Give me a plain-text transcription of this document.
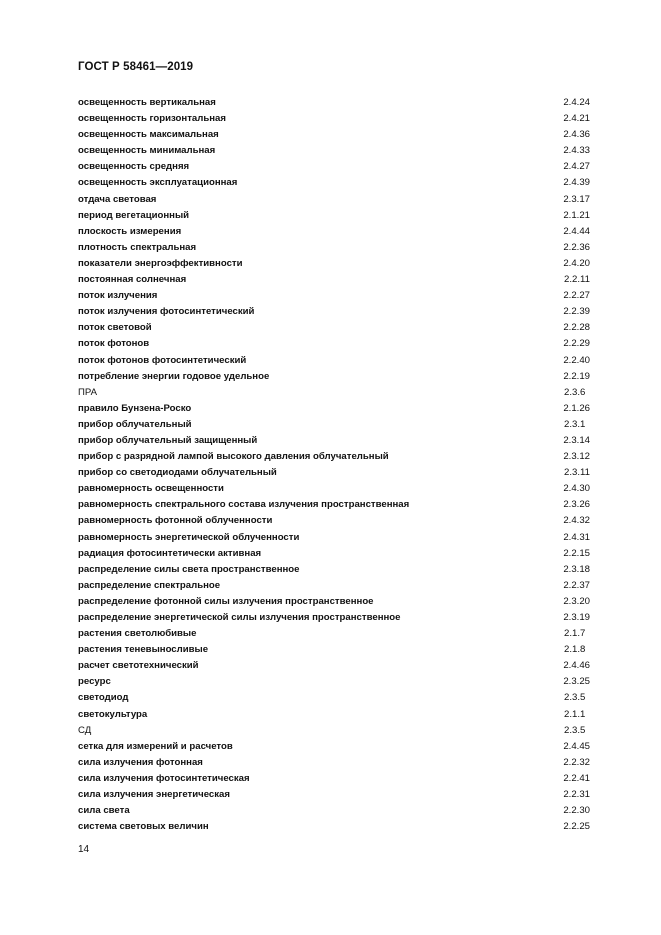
ГОСТ Р 58461—2019
освещенность вертикальная	2.4.24
освещенность горизонтальная	2.4.21
освещенность максимальная	2.4.36
освещенность минимальная	2.4.33
освещенность средняя	2.4.27
освещенность эксплуатационная	2.4.39
отдача световая	2.3.17
период вегетационный	2.1.21
плоскость измерения	2.4.44
плотность спектральная	2.2.36
показатели энергоэффективности	2.4.20
постоянная солнечная	2.2.11
поток излучения	2.2.27
поток излучения фотосинтетический	2.2.39
поток световой	2.2.28
поток фотонов	2.2.29
поток фотонов фотосинтетический	2.2.40
потребление энергии годовое удельное	2.2.19
ПРА	2.3.6
правило Бунзена-Роско	2.1.26
прибор облучательный	2.3.1
прибор облучательный защищенный	2.3.14
прибор с разрядной лампой высокого давления облучательный	2.3.12
прибор со светодиодами облучательный	2.3.11
равномерность освещенности	2.4.30
равномерность спектрального состава излучения пространственная	2.3.26
равномерность фотонной облученности	2.4.32
равномерность энергетической облученности	2.4.31
радиация фотосинтетически активная	2.2.15
распределение силы света пространственное	2.3.18
распределение спектральное	2.2.37
распределение фотонной силы излучения пространственное	2.3.20
распределение энергетической силы излучения пространственное	2.3.19
растения светолюбивые	2.1.7
растения теневыносливые	2.1.8
расчет светотехнический	2.4.46
ресурс	2.3.25
светодиод	2.3.5
светокультура	2.1.1
СД	2.3.5
сетка для измерений и расчетов	2.4.45
сила излучения фотонная	2.2.32
сила излучения фотосинтетическая	2.2.41
сила излучения энергетическая	2.2.31
сила света	2.2.30
система световых величин	2.2.25
14
